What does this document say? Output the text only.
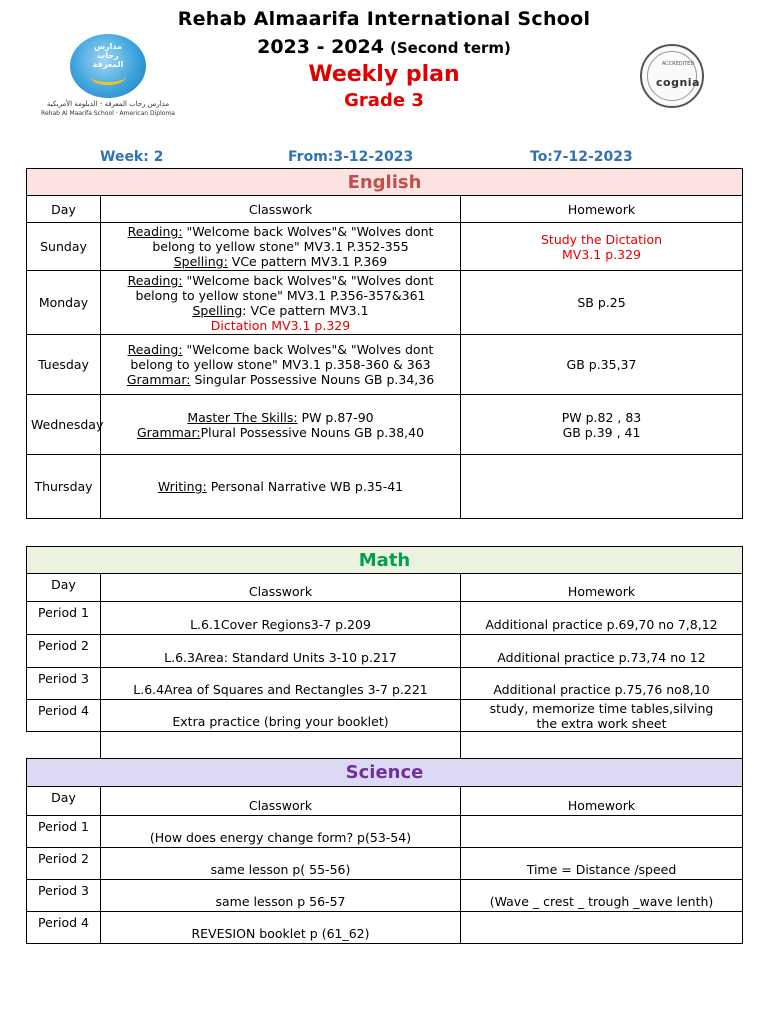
مدارس رحاب المعرفة
مدارس رحاب المعرفة - الدبلومة الأمريكية
Rehab Al Maarifa School · American Diploma
Rehab Almaarifa International School
2023 - 2024 (Second term)
Weekly plan
Grade 3
ACCREDITED
cognia
Week: 2	From:3-12-2023	To:7-12-2023
English		
Day	Classwork	Homework
Sunday	Reading: "Welcome back Wolves"& "Wolves dont belong to yellow stone" MV3.1 P.352-355
Spelling: VCe pattern MV3.1 P.369	Study the Dictation
MV3.1 p.329
Monday	Reading: "Welcome back Wolves"& "Wolves dont belong to yellow stone" MV3.1 P.356-357&361
Spelling: VCe pattern MV3.1
Dictation MV3.1 p.329	SB p.25
Tuesday	Reading: "Welcome back Wolves"& "Wolves dont belong to yellow stone" MV3.1 p.358-360 & 363
Grammar: Singular Possessive Nouns GB p.34,36	GB p.35,37
Wednesday	Master The Skills: PW p.87-90
Grammar:Plural Possessive Nouns GB p.38,40	PW p.82 , 83
GB p.39 , 41
Thursday	Writing: Personal Narrative WB p.35-41	
Math		
Day	Classwork	Homework
Period 1	L.6.1Cover Regions3-7 p.209	Additional practice p.69,70 no 7,8,12
Period 2	L.6.3Area: Standard Units 3-10 p.217	Additional practice p.73,74 no 12
Period 3	L.6.4Area of Squares and Rectangles 3-7 p.221	Additional practice p.75,76 no8,10
Period 4	Extra practice (bring your booklet)	study, memorize time tables,silving
the extra work sheet

Science		
Day	Classwork	Homework
Period 1	(How does energy change form? p(53-54)	
Period 2	same lesson p( 55-56)	Time = Distance /speed
Period 3	same lesson p 56-57	(Wave _ crest _ trough _wave lenth)
Period 4	REVESION booklet p (61_62)	
